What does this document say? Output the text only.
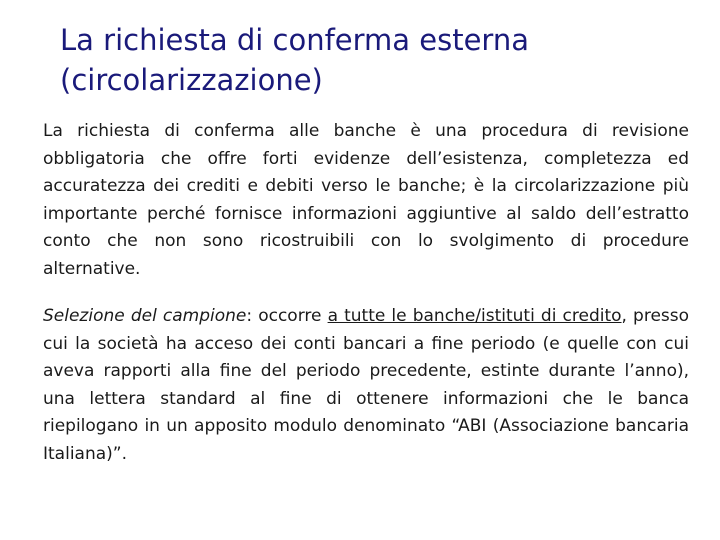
La richiesta di conferma esterna
(circolarizzazione)

La richiesta di conferma alle banche è una procedura di revisione obbligatoria che offre forti evidenze dell’esistenza, completezza ed accuratezza dei crediti e debiti verso le banche; è la circolarizzazione più importante perché fornisce informazioni aggiuntive al saldo dell’estratto conto che non sono ricostruibili con lo svolgimento di procedure alternative.

Selezione del campione: occorre a tutte le banche/istituti di credito, presso cui la società ha acceso dei conti bancari a fine periodo (e quelle con cui aveva rapporti alla fine del periodo precedente, estinte durante l’anno), una lettera standard al fine di ottenere informazioni che le banca riepilogano in un apposito modulo denominato “ABI (Associazione bancaria Italiana)”.
